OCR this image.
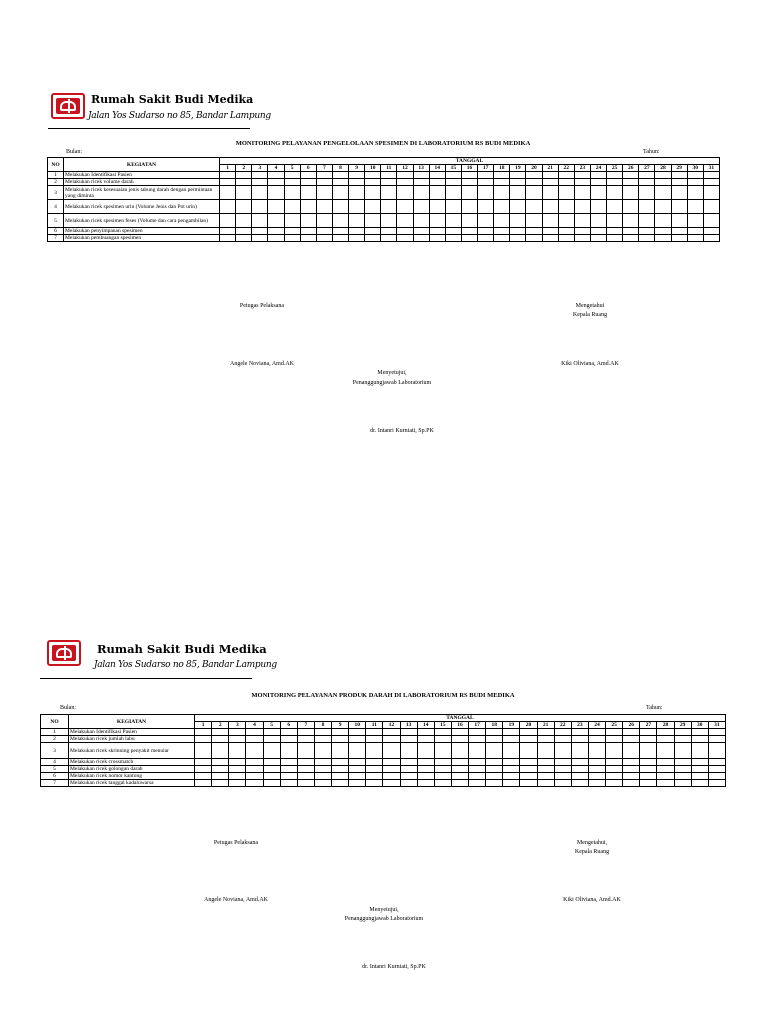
Rumah Sakit Budi Medika
Jalan Yos Sudarso no 85, Bandar Lampung
MONITORING PELAYANAN PENGELOLAAN SPESIMEN DI LABORATORIUM RS BUDI MEDIKA
Bulan:	Tahun:
NO	KEGIATAN	TANGGAL																														
		1	2	3	4	5	6	7	8	9	10	11	12	13	14	15	16	17	18	19	20	21	22	23	24	25	26	27	28	29	30	31
1	Melakukan Identifikasi Pasien																															
2	Melakukan ricek volume darah																															
3	Melakukan ricek kesesuaian jenis tabung darah dengan permintaan yang diminta																															
4	Melakukan ricek spesimen urin (Volume Jenis dan Pot urin)																															
5	Melakukan ricek spesimen feses (Volume dan cara pengambilan)																															
6	Melakukan penyimpanan spesimen																															
7	Melakukan pembuangan spesimen																															
Petugas Pelaksana	Mengetahui
Kepala Ruang
Angele Noviana, Amd.AK	Kiki Oliviana, Amd.AK
Menyetujui,
Penanggungjawab Laboratorium
dr. Intanri Kurniati, Sp.PK
Rumah Sakit Budi Medika
Jalan Yos Sudarso no 85, Bandar Lampung
MONITORING PELAYANAN PRODUK DARAH DI LABORATORIUM RS BUDI MEDIKA
Bulan:	Tahun:
NO	KEGIATAN	TANGGAL																														
		1	2	3	4	5	6	7	8	9	10	11	12	13	14	15	16	17	18	19	20	21	22	23	24	25	26	27	28	29	30	31
1	Melakukan Identifikasi Pasien																															
2	Melakukan ricek jumlah labu																															
3	Melakukan ricek skrinning penyakit menular																															
4	Melakukan ricek crossmatch																															
5	Melakukan ricek golongan darah																															
6	Melakukan ricek nomor kantong																															
7	Melakukan ricek tanggal kadaluwarsa																															
Petugas Pelaksana	Mengetahui,
Kepala Ruang
Angele Noviana, Amd.AK	Kiki Oliviana, Amd.AK
Menyetujui,
Penanggungjawab Laboratorium
dr. Intanri Kurniati, Sp.PK
